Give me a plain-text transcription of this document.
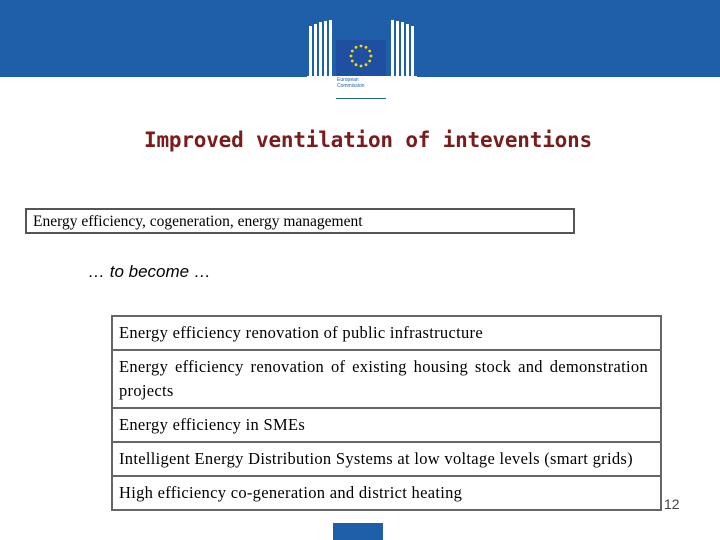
European
Commission
Improved ventilation of inteventions
Energy efficiency, cogeneration, energy management
… to become …
Energy efficiency renovation of public infrastructure
Energy efficiency renovation of existing housing stock and demonstration projects
Energy efficiency in SMEs
Intelligent Energy Distribution Systems at low voltage levels (smart grids)
High efficiency co-generation and district heating
12
